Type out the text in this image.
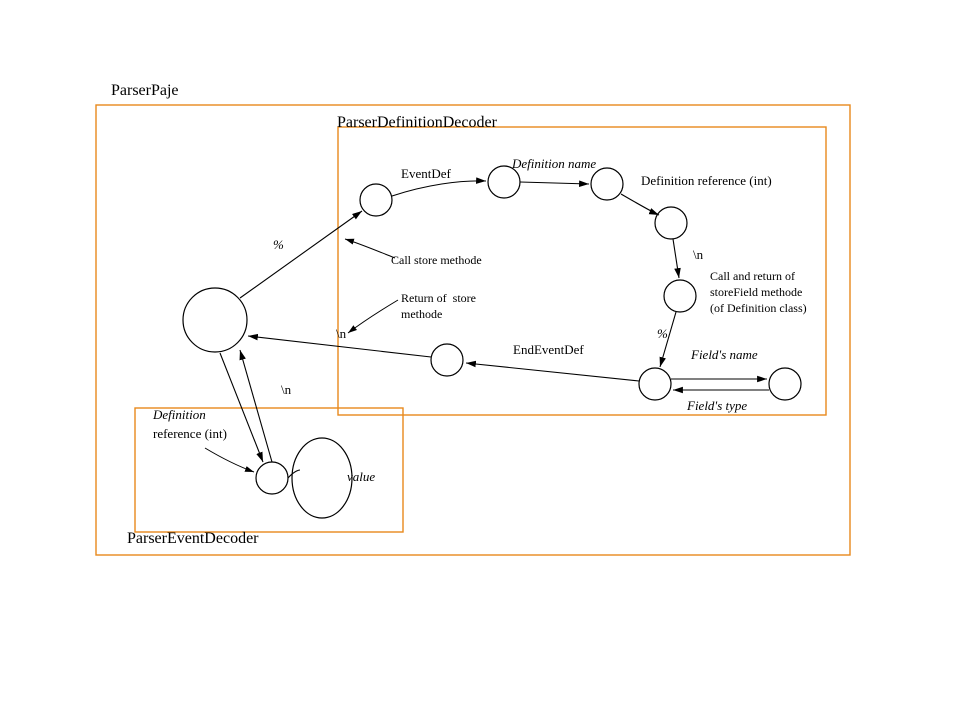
ParserPaje
ParserDefinitionDecoder
ParserEventDecoder
EventDef
Definition name
Definition reference (int)
%
Call store methode
Return of  store
methode
\n
\n
\n
%
Call and return of
storeField methode
(of Definition class)
EndEventDef	Field's name
Field's type
Definition
reference (int)
value
